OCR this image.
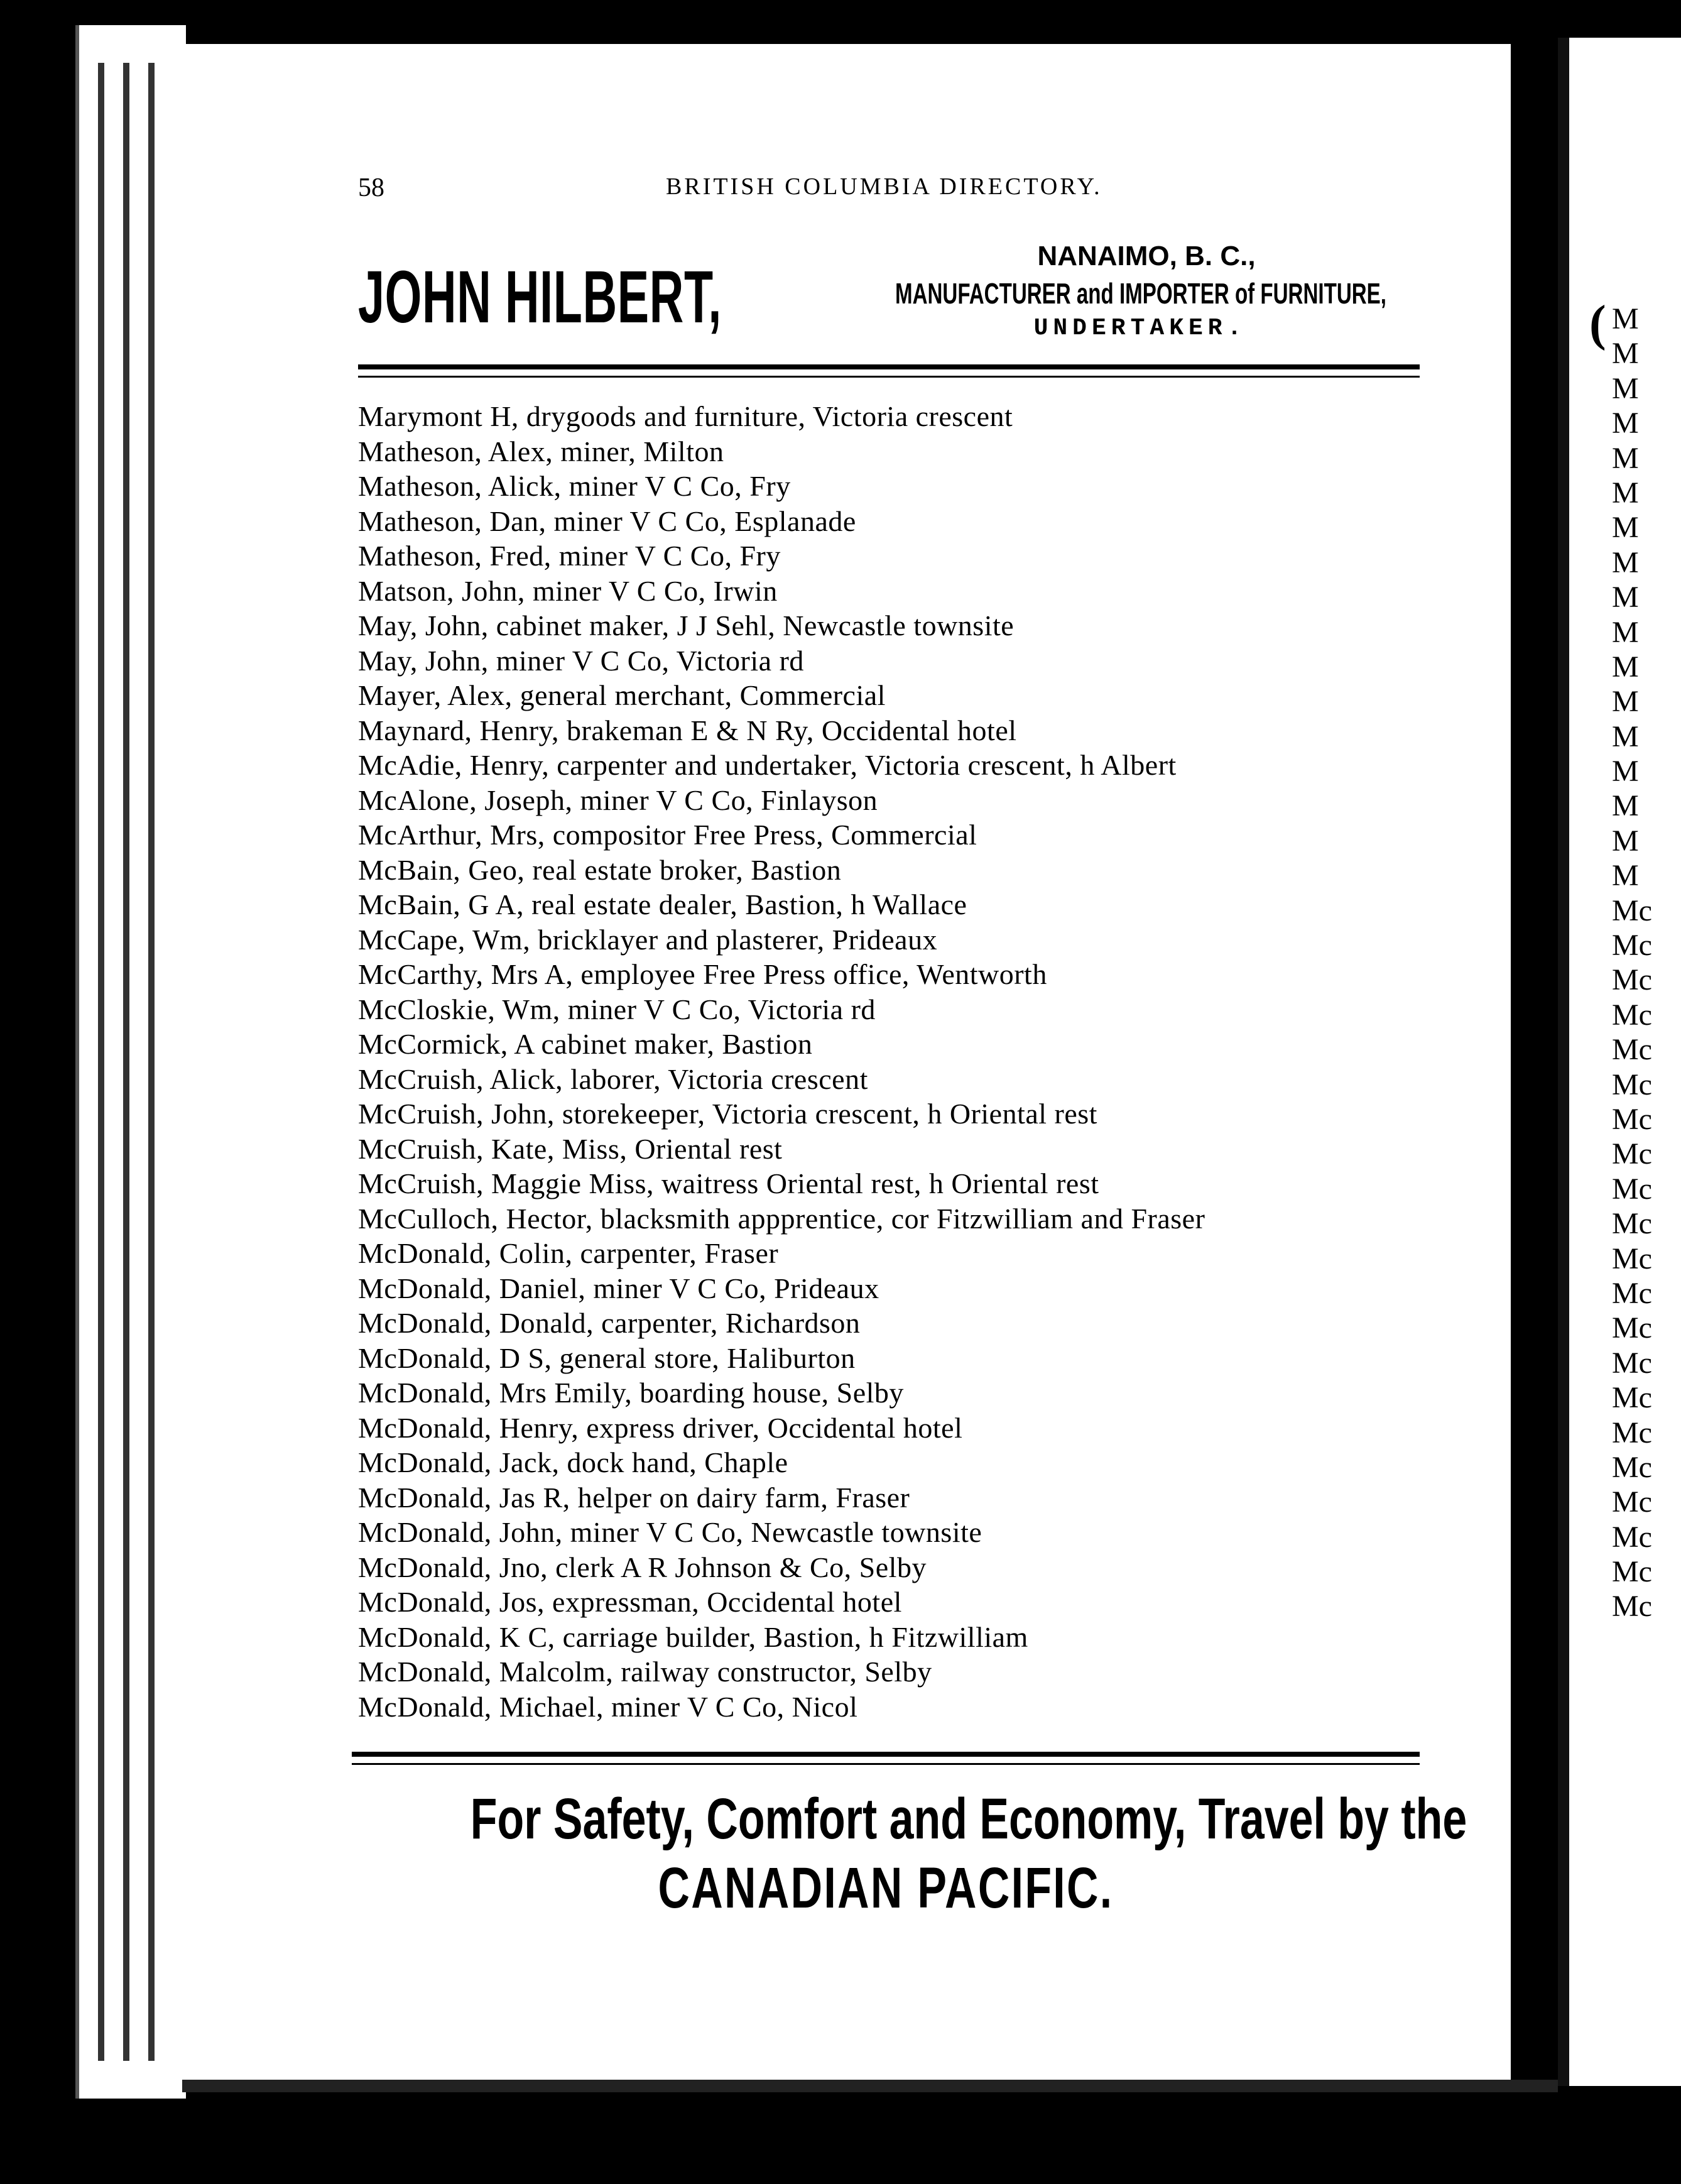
(
58	BRITISH COLUMBIA DIRECTORY.
JOHN HILBERT,	NANAIMO, B. C.,
MANUFACTURER and IMPORTER of FURNITURE,
UNDERTAKER.
Marymont H, drygoods and furniture, Victoria crescent
Matheson, Alex, miner, Milton
Matheson, Alick, miner V C Co, Fry
Matheson, Dan, miner V C Co, Esplanade
Matheson, Fred, miner V C Co, Fry
Matson, John, miner V C Co, Irwin
May, John, cabinet maker, J J Sehl, Newcastle townsite
May, John, miner V C Co, Victoria rd
Mayer, Alex, general merchant, Commercial
Maynard, Henry, brakeman E & N Ry, Occidental hotel
McAdie, Henry, carpenter and undertaker, Victoria crescent, h Albert
McAlone, Joseph, miner V C Co, Finlayson
McArthur, Mrs, compositor Free Press, Commercial
McBain, Geo, real estate broker, Bastion
McBain, G A, real estate dealer, Bastion, h Wallace
McCape, Wm, bricklayer and plasterer, Prideaux
McCarthy, Mrs A, employee Free Press office, Wentworth
McCloskie, Wm, miner V C Co, Victoria rd
McCormick, A cabinet maker, Bastion
McCruish, Alick, laborer, Victoria crescent
McCruish, John, storekeeper, Victoria crescent, h Oriental rest
McCruish, Kate, Miss, Oriental rest
McCruish, Maggie Miss, waitress Oriental rest, h Oriental rest
McCulloch, Hector, blacksmith appprentice, cor Fitzwilliam and Fraser
McDonald, Colin, carpenter, Fraser
McDonald, Daniel, miner V C Co, Prideaux
McDonald, Donald, carpenter, Richardson
McDonald, D S, general store, Haliburton
McDonald, Mrs Emily, boarding house, Selby
McDonald, Henry, express driver, Occidental hotel
McDonald, Jack, dock hand, Chaple
McDonald, Jas R, helper on dairy farm, Fraser
McDonald, John, miner V C Co, Newcastle townsite
McDonald, Jno, clerk A R Johnson & Co, Selby
McDonald, Jos, expressman, Occidental hotel
McDonald, K C, carriage builder, Bastion, h Fitzwilliam
McDonald, Malcolm, railway constructor, Selby
McDonald, Michael, miner V C Co, Nicol
For Safety, Comfort and Economy, Travel by the
CANADIAN PACIFIC.
M
M
M
M
M
M
M
M
M
M
M
M
M
M
M
M
M
Mc
Mc
Mc
Mc
Mc
Mc
Mc
Mc
Mc
Mc
Mc
Mc
Mc
Mc
Mc
Mc
Mc
Mc
Mc
Mc
Mc
